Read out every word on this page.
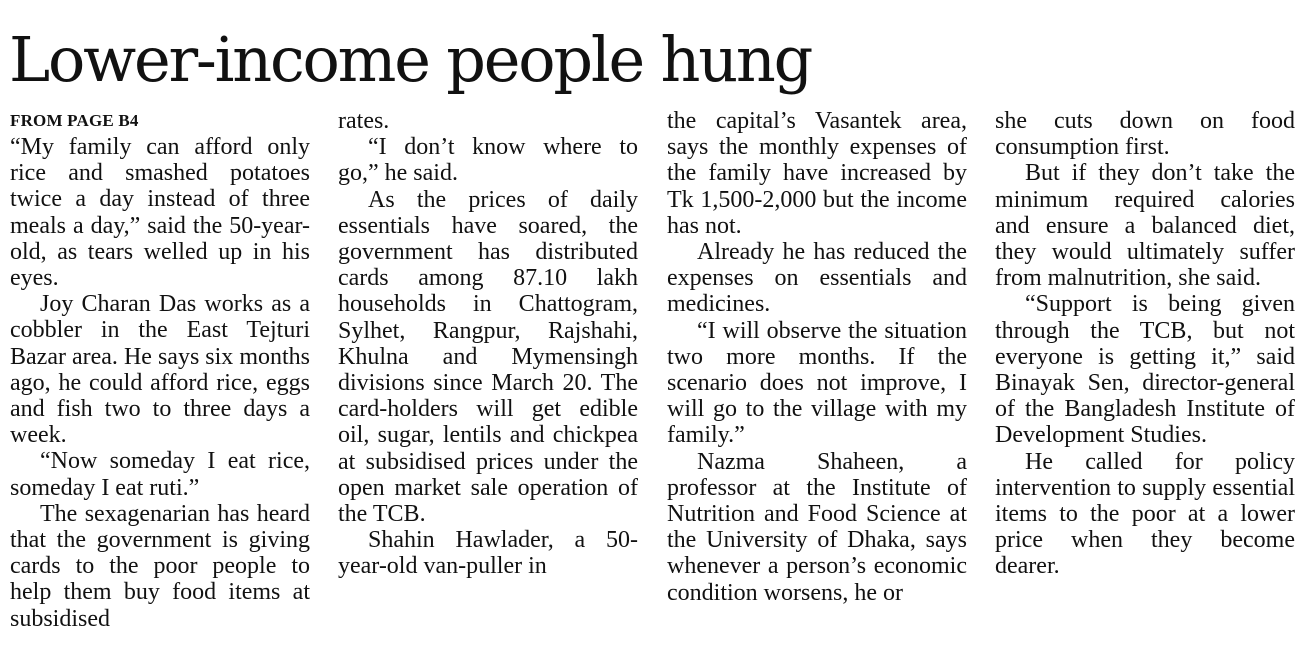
Lower-income people hung
FROM PAGE B4

“My family can afford only rice and smashed potatoes twice a day instead of three meals a day,” said the 50-year-old, as tears welled up in his eyes.

Joy Charan Das works as a cobbler in the East Tejturi Bazar area. He says six months ago, he could afford rice, eggs and fish two to three days a week.

“Now someday I eat rice, someday I eat ruti.”

The sexagenarian has heard that the government is giving cards to the poor people to help them buy food items at subsidised

rates.

“I don’t know where to go,” he said.

As the prices of daily essentials have soared, the government has distributed cards among 87.10 lakh households in Chattogram, Sylhet, Rangpur, Rajshahi, Khulna and Mymensingh divisions since March 20. The card-holders will get edible oil, sugar, lentils and chickpea at subsidised prices under the open market sale operation of the TCB.

Shahin Hawlader, a 50-year-old van-puller in

the capital’s Vasantek area, says the monthly expenses of the family have increased by Tk 1,500-2,000 but the income has not.

Already he has reduced the expenses on essentials and medicines.

“I will observe the situation two more months. If the scenario does not improve, I will go to the village with my family.”

Nazma Shaheen, a professor at the Institute of Nutrition and Food Science at the University of Dhaka, says whenever a person’s economic condition worsens, he or

she cuts down on food consumption first.

But if they don’t take the minimum required calories and ensure a balanced diet, they would ultimately suffer from malnutrition, she said.

“Support is being given through the TCB, but not everyone is getting it,” said Binayak Sen, director-general of the Bangladesh Institute of Development Studies.

He called for policy intervention to supply essential items to the poor at a lower price when they become dearer.
